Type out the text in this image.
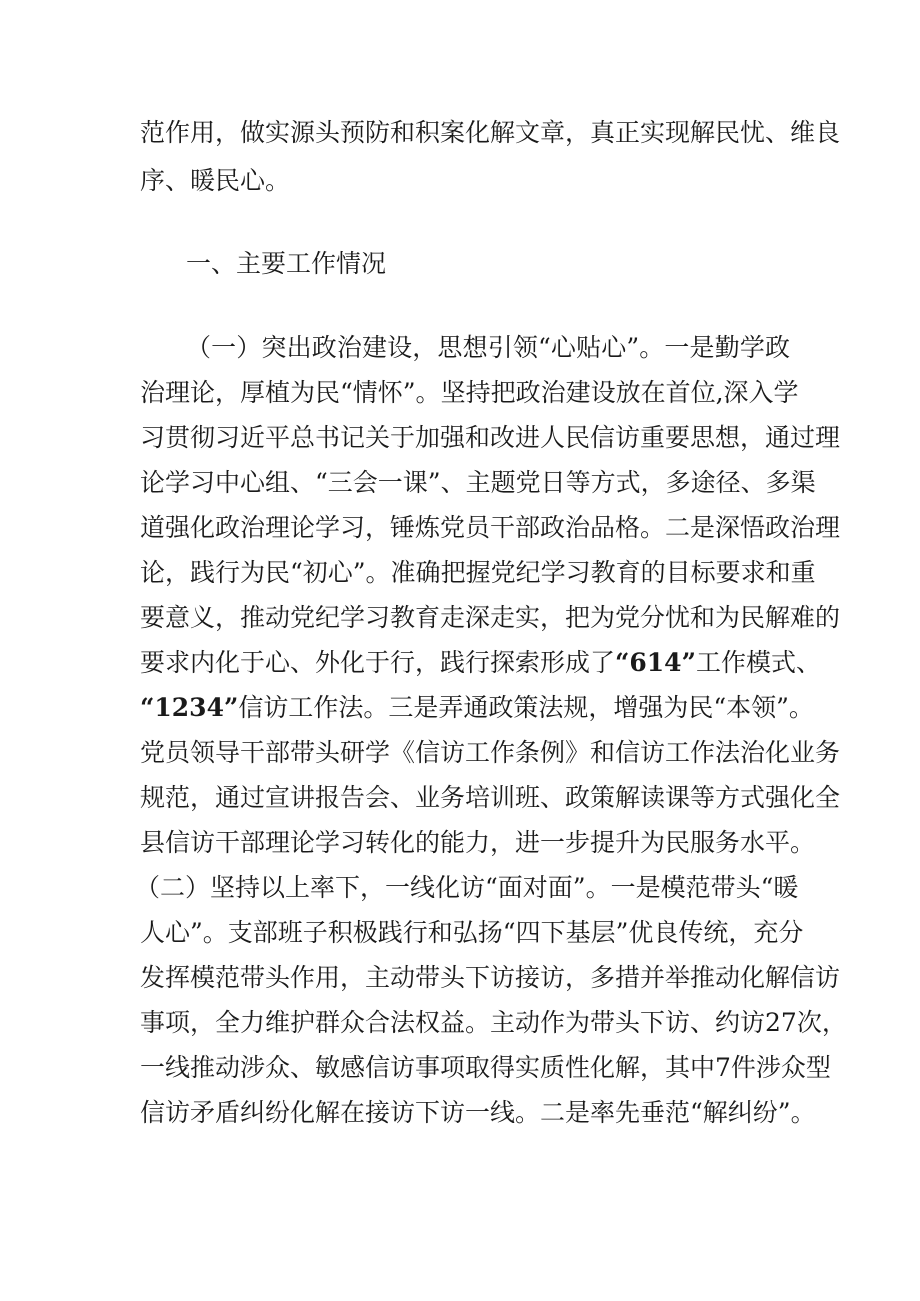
范作用，做实源头预防和积案化解文章，真正实现解民忧、维良
序、暖民心。
一、主要工作情况
（一）突出政治建设，思想引领“心贴心”。一是勤学政
治理论，厚植为民“情怀”。坚持把政治建设放在首位,深入学
习贯彻习近平总书记关于加强和改进人民信访重要思想，通过理
论学习中心组、“三会一课”、主题党日等方式，多途径、多渠
道强化政治理论学习，锤炼党员干部政治品格。二是深悟政治理
论，践行为民“初心”。准确把握党纪学习教育的目标要求和重
要意义，推动党纪学习教育走深走实，把为党分忧和为民解难的
要求内化于心、外化于行，践行探索形成了“614”工作模式、
“1234”信访工作法。三是弄通政策法规，增强为民“本领”。
党员领导干部带头研学《信访工作条例》和信访工作法治化业务
规范，通过宣讲报告会、业务培训班、政策解读课等方式强化全
县信访干部理论学习转化的能力，进一步提升为民服务水平。
（二）坚持以上率下，一线化访“面对面”。一是模范带头“暖
人心”。支部班子积极践行和弘扬“四下基层”优良传统，充分
发挥模范带头作用，主动带头下访接访，多措并举推动化解信访
事项，全力维护群众合法权益。主动作为带头下访、约访27次，
一线推动涉众、敏感信访事项取得实质性化解，其中7件涉众型
信访矛盾纠纷化解在接访下访一线。二是率先垂范“解纠纷”。
